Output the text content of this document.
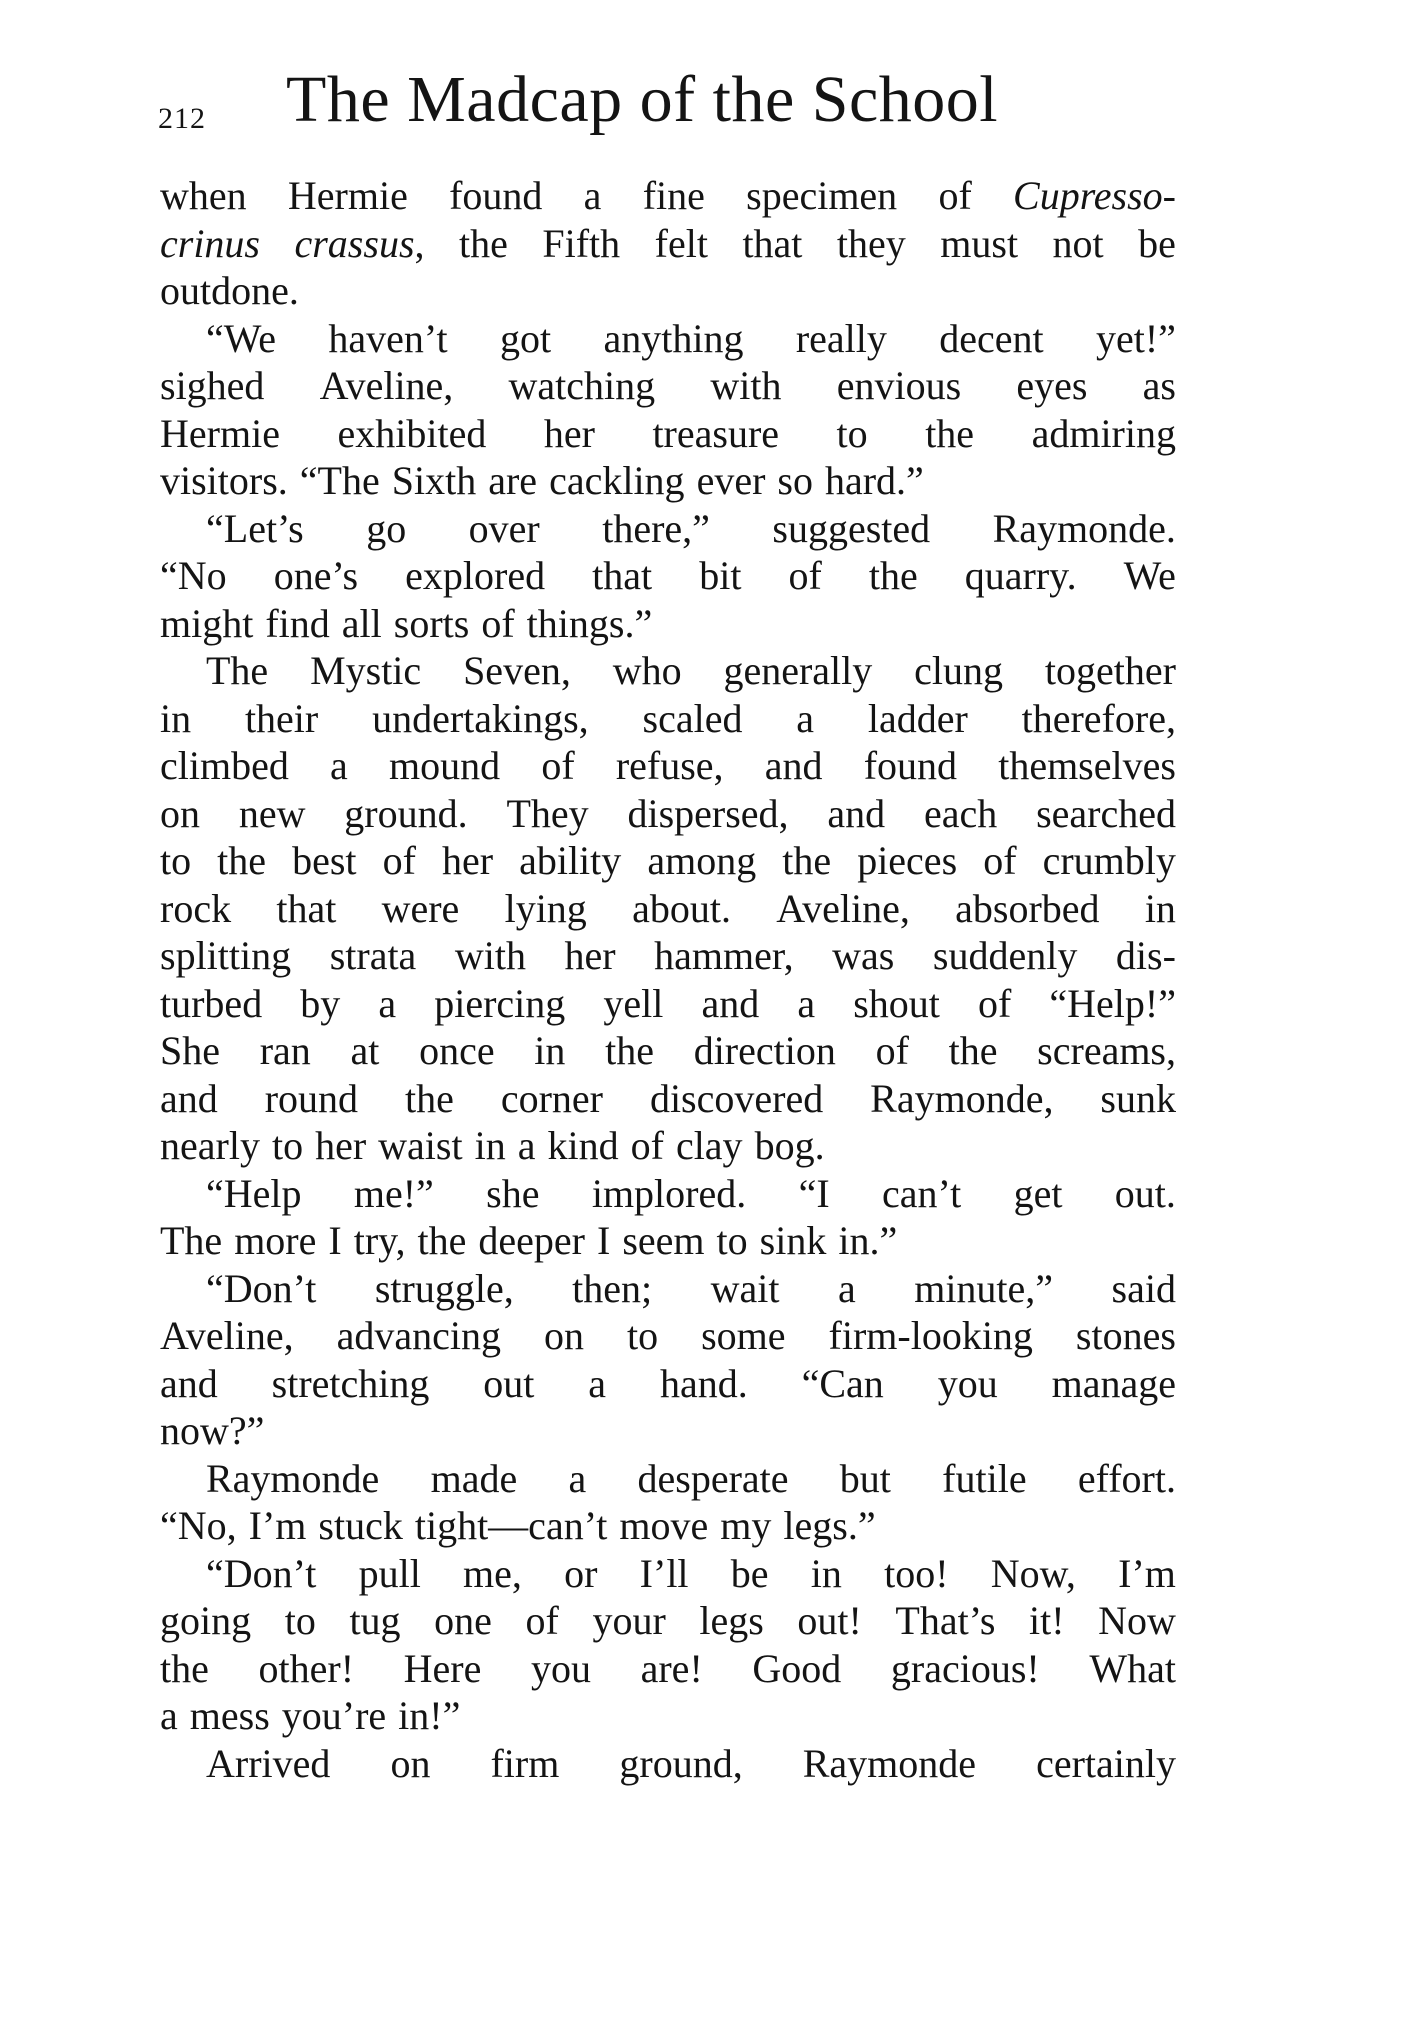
212 The Madcap of the School
when Hermie found a fine specimen of Cupresso-
crinus crassus, the Fifth felt that they must not be
outdone.
“We haven’t got anything really decent yet!”
sighed Aveline, watching with envious eyes as
Hermie exhibited her treasure to the admiring
visitors. “The Sixth are cackling ever so hard.”
“Let’s go over there,” suggested Raymonde.
“No one’s explored that bit of the quarry. We
might find all sorts of things.”
The Mystic Seven, who generally clung together
in their undertakings, scaled a ladder therefore,
climbed a mound of refuse, and found themselves
on new ground. They dispersed, and each searched
to the best of her ability among the pieces of crumbly
rock that were lying about. Aveline, absorbed in
splitting strata with her hammer, was suddenly dis-
turbed by a piercing yell and a shout of “Help!”
She ran at once in the direction of the screams,
and round the corner discovered Raymonde, sunk
nearly to her waist in a kind of clay bog.
“Help me!” she implored. “I can’t get out.
The more I try, the deeper I seem to sink in.”
“Don’t struggle, then; wait a minute,” said
Aveline, advancing on to some firm-looking stones
and stretching out a hand. “Can you manage
now?”
Raymonde made a desperate but futile effort.
“No, I’m stuck tight—can’t move my legs.”
“Don’t pull me, or I’ll be in too! Now, I’m
going to tug one of your legs out! That’s it! Now
the other! Here you are! Good gracious! What
a mess you’re in!”
Arrived on firm ground, Raymonde certainly
